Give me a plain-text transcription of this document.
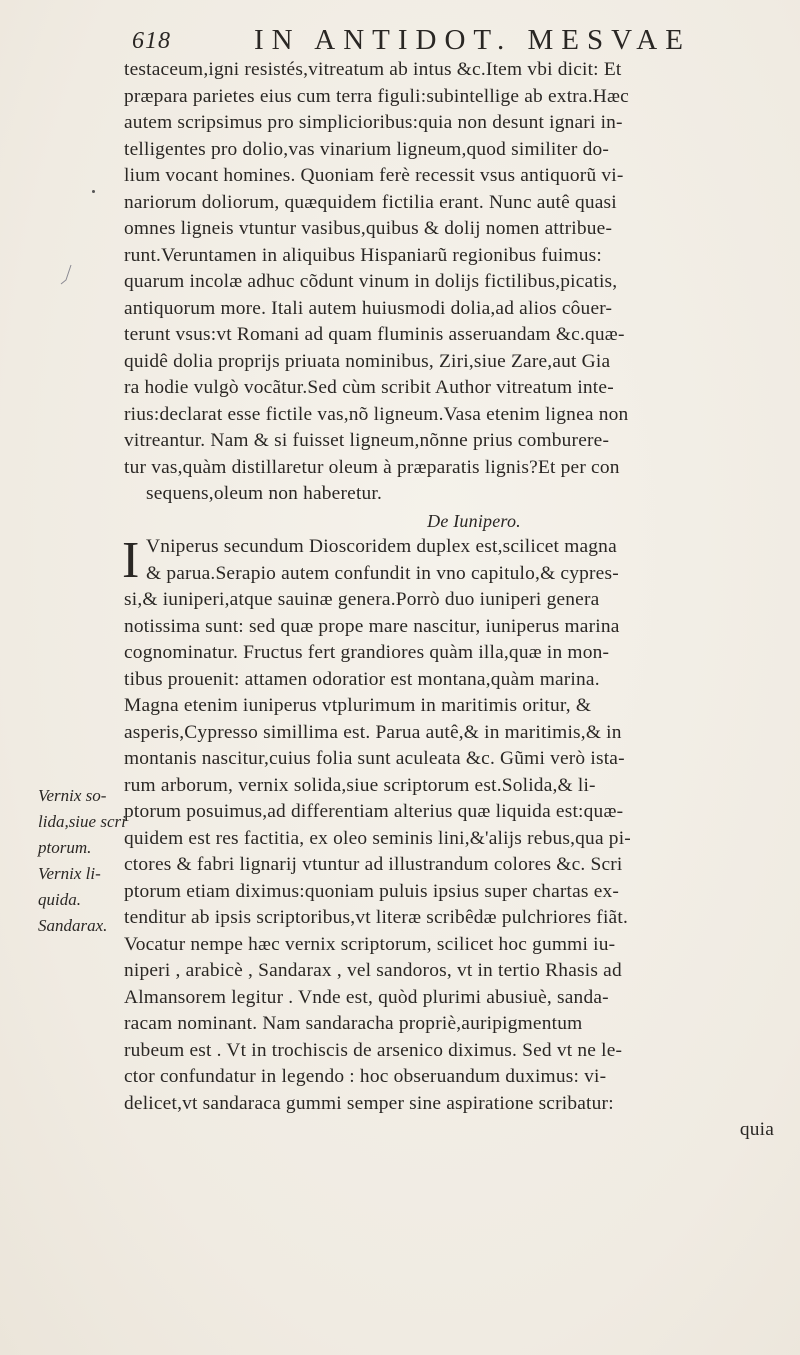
618	IN ANTIDOT. MESVAE
testaceum,igni resistés,vitreatum ab intus &c.Item vbi dicit: Et
præpara parietes eius cum terra figuli:subintellige ab extra.Hæc
autem scripsimus pro simplicioribus:quia non desunt ignari in-
telligentes pro dolio,vas vinarium ligneum,quod similiter do-
lium vocant homines. Quoniam ferè recessit vsus antiquorũ vi-
nariorum doliorum, quæquidem fictilia erant. Nunc autê quasi
omnes ligneis vtuntur vasibus,quibus & dolij nomen attribue-
runt.Veruntamen in aliquibus Hispaniarũ regionibus fuimus:
quarum incolæ adhuc cõdunt vinum in dolijs fictilibus,picatis,
antiquorum more. Itali autem huiusmodi dolia,ad alios côuer-
terunt vsus:vt Romani ad quam fluminis asseruandam &c.quæ-
quidê dolia proprijs priuata nominibus, Ziri,siue Zare,aut Gia
ra hodie vulgò vocãtur.Sed cùm scribit Author vitreatum inte-
rius:declarat esse fictile vas,nõ ligneum.Vasa etenim lignea non
vitreantur. Nam & si fuisset ligneum,nõnne prius comburere-
tur vas,quàm distillaretur oleum à præparatis lignis?Et per con
sequens,oleum non haberetur.
De Iunipero.
I Vniperus secundum Dioscoridem duplex est,scilicet magna
& parua.Serapio autem confundit in vno capitulo,& cypres-
si,& iuniperi,atque sauinæ genera.Porrò duo iuniperi genera
notissima sunt: sed quæ prope mare nascitur, iuniperus marina
cognominatur. Fructus fert grandiores quàm illa,quæ in mon-
tibus prouenit: attamen odoratior est montana,quàm marina.
Magna etenim iuniperus vtplurimum in maritimis oritur, &
asperis,Cypresso simillima est. Parua autê,& in maritimis,& in
montanis nascitur,cuius folia sunt aculeata &c. Gũmi verò ista-
rum arborum, vernix solida,siue scriptorum est.Solida,& li-
ptorum posuimus,ad differentiam alterius quæ liquida est:quæ-
quidem est res factitia, ex oleo seminis lini,&'alijs rebus,qua pi-
ctores & fabri lignarij vtuntur ad illustrandum colores &c. Scri
ptorum etiam diximus:quoniam puluis ipsius super chartas ex-
tenditur ab ipsis scriptoribus,vt literæ scribêdæ pulchriores fiãt.
Vocatur nempe hæc vernix scriptorum, scilicet hoc gummi iu-
niperi , arabicè , Sandarax , vel sandoros, vt in tertio Rhasis ad
Almansorem legitur . Vnde est, quòd plurimi abusiuè, sanda-
racam nominant. Nam sandaracha propriè,auripigmentum
rubeum est . Vt in trochiscis de arsenico diximus. Sed vt ne le-
ctor confundatur in legendo : hoc obseruandum duximus: vi-
delicet,vt sandaraca gummi semper sine aspiratione scribatur:
quia
Vernix so-
lida,siue scri
ptorum.
Vernix li-
quida.
Sandarax.
